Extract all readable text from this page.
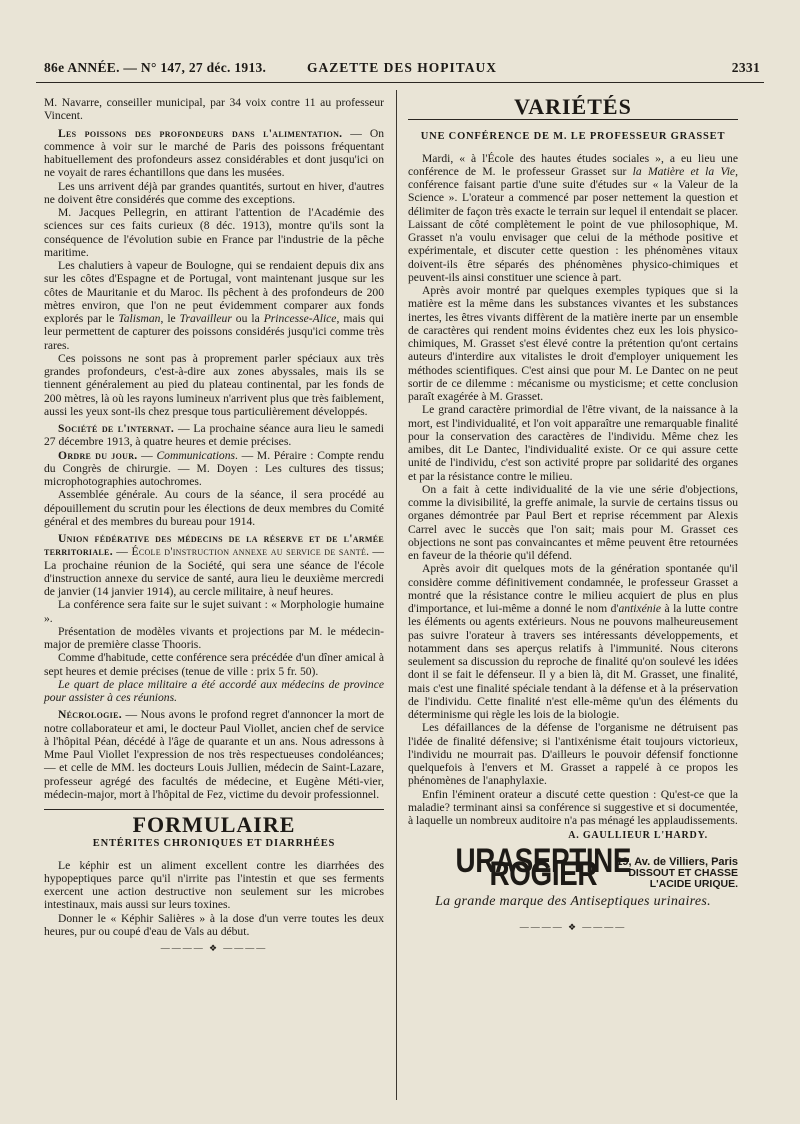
86e ANNÉE. — N° 147, 27 déc. 1913.	GAZETTE DES HOPITAUX	2331

M. Navarre, conseiller municipal, par 34 voix contre 11 au professeur Vincent.

Les poissons des profondeurs dans l'alimentation. — On commence à voir sur le marché de Paris des poissons fréquentant habituellement des profondeurs assez considérables et dont jusqu'ici on ne voyait de rares échantillons que dans les musées.

Les uns arrivent déjà par grandes quantités, surtout en hiver, d'autres ne doivent être considérés que comme des exceptions.

M. Jacques Pellegrin, en attirant l'attention de l'Académie des sciences sur ces faits curieux (8 déc. 1913), montre qu'ils sont la conséquence de l'évolution subie en France par l'industrie de la pêche maritime.

Les chalutiers à vapeur de Boulogne, qui se rendaient depuis dix ans sur les côtes d'Espagne et de Portugal, vont maintenant jusque sur les côtes de Mauritanie et du Maroc. Ils pêchent à des profondeurs de 200 mètres environ, que l'on ne peut évidemment comparer aux fonds explorés par le Talisman, le Travailleur ou la Princesse-Alice, mais qui leur permettent de capturer des poissons considérés jusqu'ici comme très rares.

Ces poissons ne sont pas à proprement parler spéciaux aux très grandes profondeurs, c'est-à-dire aux zones abyssales, mais ils se tiennent généralement au pied du plateau continental, par les fonds de 200 mètres, là où les rayons lumineux n'arrivent plus que très faiblement, aussi les yeux sont-ils chez presque tous particulièrement développés.

Société de l'internat. — La prochaine séance aura lieu le samedi 27 décembre 1913, à quatre heures et demie précises.

Ordre du jour. — Communications. — M. Péraire : Compte rendu du Congrès de chirurgie. — M. Doyen : Les cultures des tissus; microphotographies autochromes.

Assemblée générale. Au cours de la séance, il sera procédé au dépouillement du scrutin pour les élections de deux membres du Comité général et des membres du bureau pour 1914.

Union fédérative des médecins de la réserve et de l'armée territoriale. — École d'instruction annexe au service de santé. — La prochaine réunion de la Société, qui sera une séance de l'école d'instruction annexe du service de santé, aura lieu le deuxième mercredi de janvier (14 janvier 1914), au cercle militaire, à neuf heures.

La conférence sera faite sur le sujet suivant : « Morphologie humaine ».

Présentation de modèles vivants et projections par M. le médecin-major de première classe Thooris.

Comme d'habitude, cette conférence sera précédée d'un dîner amical à sept heures et demie précises (tenue de ville : prix 5 fr. 50).

Le quart de place militaire a été accordé aux médecins de province pour assister à ces réunions.

Nécrologie. — Nous avons le profond regret d'annoncer la mort de notre collaborateur et ami, le docteur Paul Viollet, ancien chef de service à l'hôpital Péan, décédé à l'âge de quarante et un ans. Nous adressons à Mme Paul Viollet l'expression de nos très respectueuses condoléances; — et celle de MM. les docteurs Louis Jullien, médecin de Saint-Lazare, professeur agrégé des facultés de médecine, et Eugène Méti-vier, médecin-major, mort à l'hôpital de Fez, victime du devoir professionnel.

FORMULAIRE
ENTÉRITES CHRONIQUES ET DIARRHÉES

Le képhir est un aliment excellent contre les diarrhées des hypopeptiques parce qu'il n'irrite pas l'intestin et que ses ferments exercent une action destructive non seulement sur les microbes intestinaux, mais aussi sur leurs toxines.

Donner le « Képhir Salières » à la dose d'un verre toutes les deux heures, pur ou coupé d'eau de Vals au début.

———— ❖ ————
VARIÉTÉS
UNE CONFÉRENCE DE M. LE PROFESSEUR GRASSET

Mardi, « à l'École des hautes études sociales », a eu lieu une conférence de M. le professeur Grasset sur la Matière et la Vie, conférence faisant partie d'une suite d'études sur « la Valeur de la Science ». L'orateur a commencé par poser nettement la question et délimiter de façon très exacte le terrain sur lequel il entendait se placer. Laissant de côté complètement le point de vue philosophique, M. Grasset n'a voulu envisager que celui de la méthode positive et expérimentale, et discuter cette question : les phénomènes vitaux doivent-ils être séparés des phénomènes physico-chimiques et peuvent-ils ainsi constituer une science à part.

Après avoir montré par quelques exemples typiques que si la matière est la même dans les substances vivantes et les substances inertes, les êtres vivants diffèrent de la matière inerte par un ensemble de caractères qui rendent moins évidentes chez eux les lois physico-chimiques, M. Grasset s'est élevé contre la prétention qu'ont certains auteurs d'interdire aux vitalistes le droit d'employer uniquement les méthodes scientifiques. C'est ainsi que pour M. Le Dantec on ne peut sortir de ce dilemme : mécanisme ou mysticisme; et cette conclusion paraît exagérée à M. Grasset.

Le grand caractère primordial de l'être vivant, de la naissance à la mort, est l'individualité, et l'on voit apparaître une remarquable finalité pour la conservation des caractères de l'individu. Même chez les amibes, dit Le Dantec, l'individualité existe. Or ce qui assure cette unité de l'individu, c'est son activité propre par solidarité des organes et par la résistance contre le milieu.

On a fait à cette individualité de la vie une série d'objections, comme la divisibilité, la greffe animale, la survie de certains tissus ou organes démontrée par Paul Bert et reprise récemment par Alexis Carrel avec le succès que l'on sait; mais pour M. Grasset ces objections ne sont pas convaincantes et même peuvent être retournées en faveur de la théorie qu'il défend.

Après avoir dit quelques mots de la génération spontanée qu'il considère comme définitivement condamnée, le professeur Grasset a montré que la résistance contre le milieu acquiert de plus en plus d'importance, et lui-même a donné le nom d'antixénie à la lutte contre les éléments ou agents extérieurs. Nous ne pouvons malheureusement pas suivre l'orateur à travers ses intéressants développements, et notamment dans ses aperçus relatifs à l'immunité. Nous citerons seulement sa discussion du reproche de finalité qu'on soulevé les idées dont il se fait le défenseur. Il y a bien là, dit M. Grasset, une finalité, mais c'est une finalité spéciale tendant à la défense et à la préservation de l'individu. Cette finalité n'est elle-même qu'un des éléments du déterminisme qui règle les lois de la biologie.

Les défaillances de la défense de l'organisme ne détruisent pas l'idée de finalité défensive; si l'antixénisme était toujours victorieux, l'individu ne mourrait pas. D'ailleurs le pouvoir défensif fonctionne quelquefois à l'envers et M. Grasset a rappelé à ce propos les phénomènes de l'anaphylaxie.

Enfin l'éminent orateur a discuté cette question : Qu'est-ce que la maladie? terminant ainsi sa conférence si suggestive et si documentée, à laquelle un nombreux auditoire n'a pas ménagé les applaudissements.

A. GAULLIEUR L'HARDY.
URASEPTINE ROGIER	19, Av. de Villiers, Paris
DISSOUT ET CHASSE
L'ACIDE URIQUE.
La grande marque des Antiseptiques urinaires.
———— ❖ ————
